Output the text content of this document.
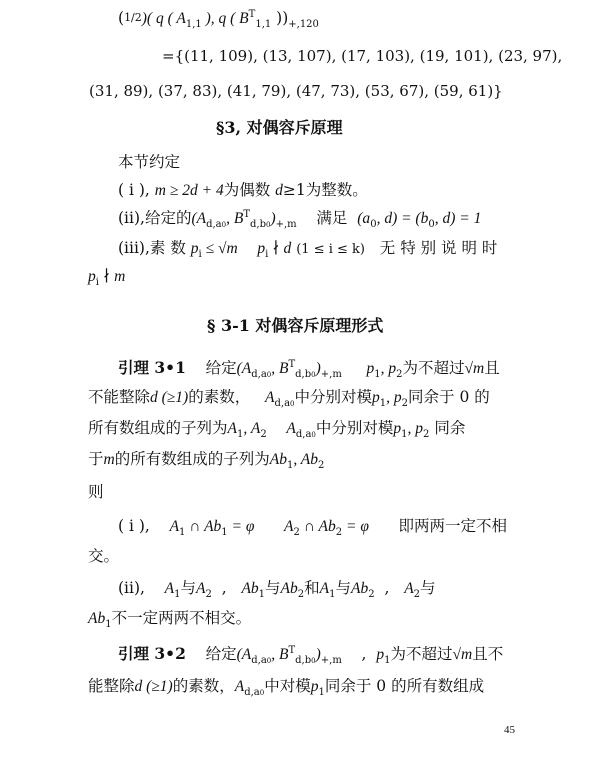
(1/2)( q ( $A_{1,1}$ ), q ( $B^T_{1,1}$ ))$_{+,120}$
={(11, 109), (13, 107), (17, 103), (19, 101), (23, 97),
(31, 89), (37, 83), (41, 79), (47, 73), (53, 67), (59, 61)}
§3, 对偶容斥原理
本节约定
( i ), m ≥ 2d + 4为偶数 d≥1为整数。
(ii),给定的($A_{d,a0}$, $B^T_{d,b0})_{+,m}$ 满足 ($a_0$, $d) = (b_0$, d) = 1
(iii),素 数 $p_i \le √m$ $p_i$ ∤ d (1 ≤ i ≤ k) 无 特 别 说 明 时
$p_i$ ∤ m
§ 3-1 对偶容斥原理形式
引理 3•1 给定($A_{d,a0}$, $B^T_{d,b0})_{+,m}$ $p_1$, $p_2$为不超过√m且
不能整除d (≥1)的素数， $A_{d,a0}$中分别对模$p_1$, $p_2$同余于 0 的
所有数组成的子列为$A_1$, $A_2$ $A_{d,a0}$中分别对模$p_1$, $p_2$ 同余
于m的所有数组成的子列为$Ab_1$, $Ab_2$
则
( i ), $A_1$ ∩ $Ab_1 = \varphi$ $A_2$ ∩ $Ab_2 = \varphi$ 即两两一定不相
交。
(ii), $A_1$与$A_2$ , $Ab_1$与$Ab_2$和$A_1$与$Ab_2$ , $A_2$与
$Ab_1$不一定两两不相交。
引理 3•2 给定($A_{d,a0}$, $B^T_{d,b0})_{+,m}$ , $p_1$为不超过√m且不
能整除d (≥1)的素数，$A_{d,a0}$中对模$p_1$同余于 0 的所有数组成
45
